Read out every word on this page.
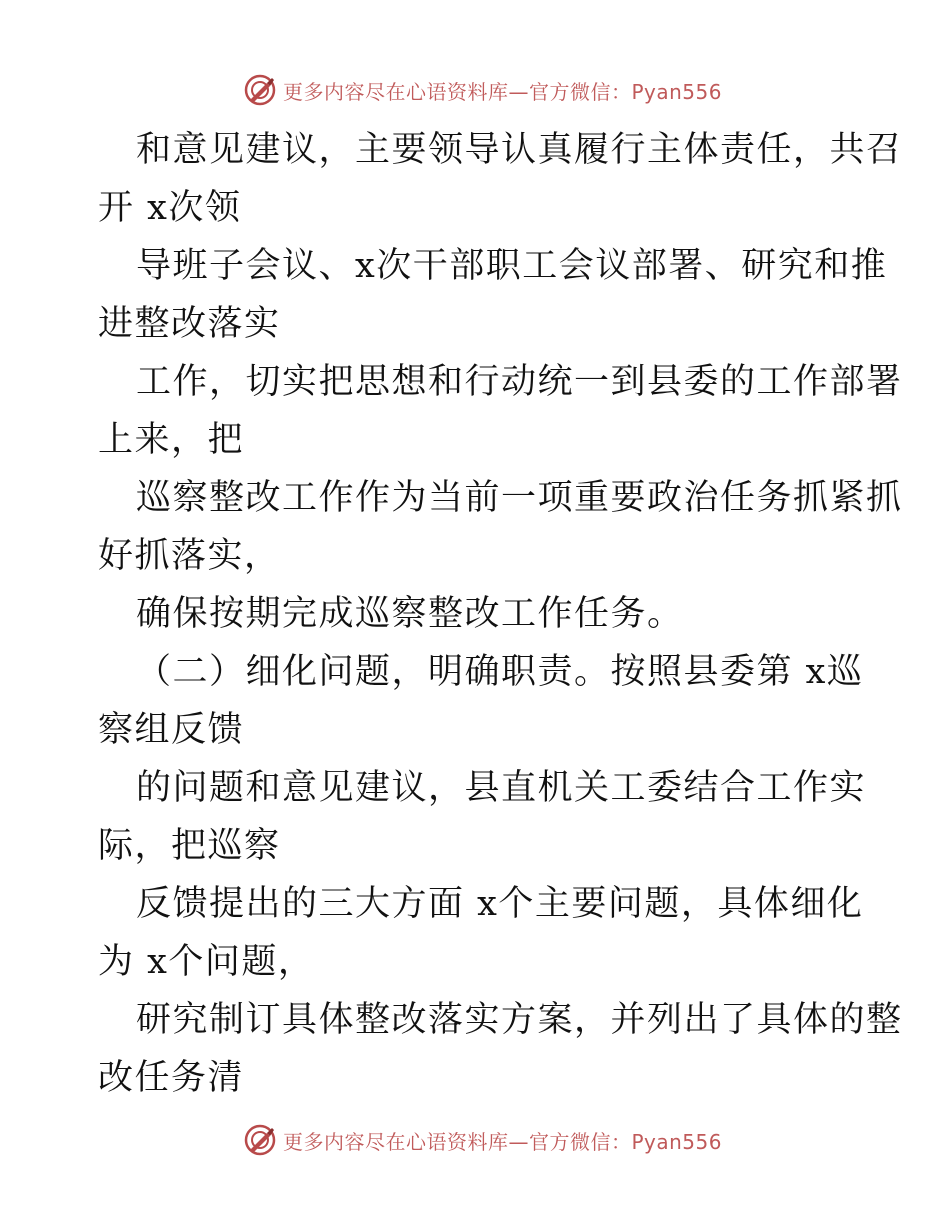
更多内容尽在心语资料库—官方微信：Pyan556
和意见建议，主要领导认真履行主体责任，共召
开 x次领
导班子会议、x次干部职工会议部署、研究和推
进整改落实
工作，切实把思想和行动统一到县委的工作部署
上来，把
巡察整改工作作为当前一项重要政治任务抓紧抓
好抓落实，
确保按期完成巡察整改工作任务。
（二）细化问题，明确职责。按照县委第 x巡
察组反馈
的问题和意见建议，县直机关工委结合工作实
际，把巡察
反馈提出的三大方面 x个主要问题，具体细化
为 x个问题，
研究制订具体整改落实方案，并列出了具体的整
改任务清
更多内容尽在心语资料库—官方微信：Pyan556
